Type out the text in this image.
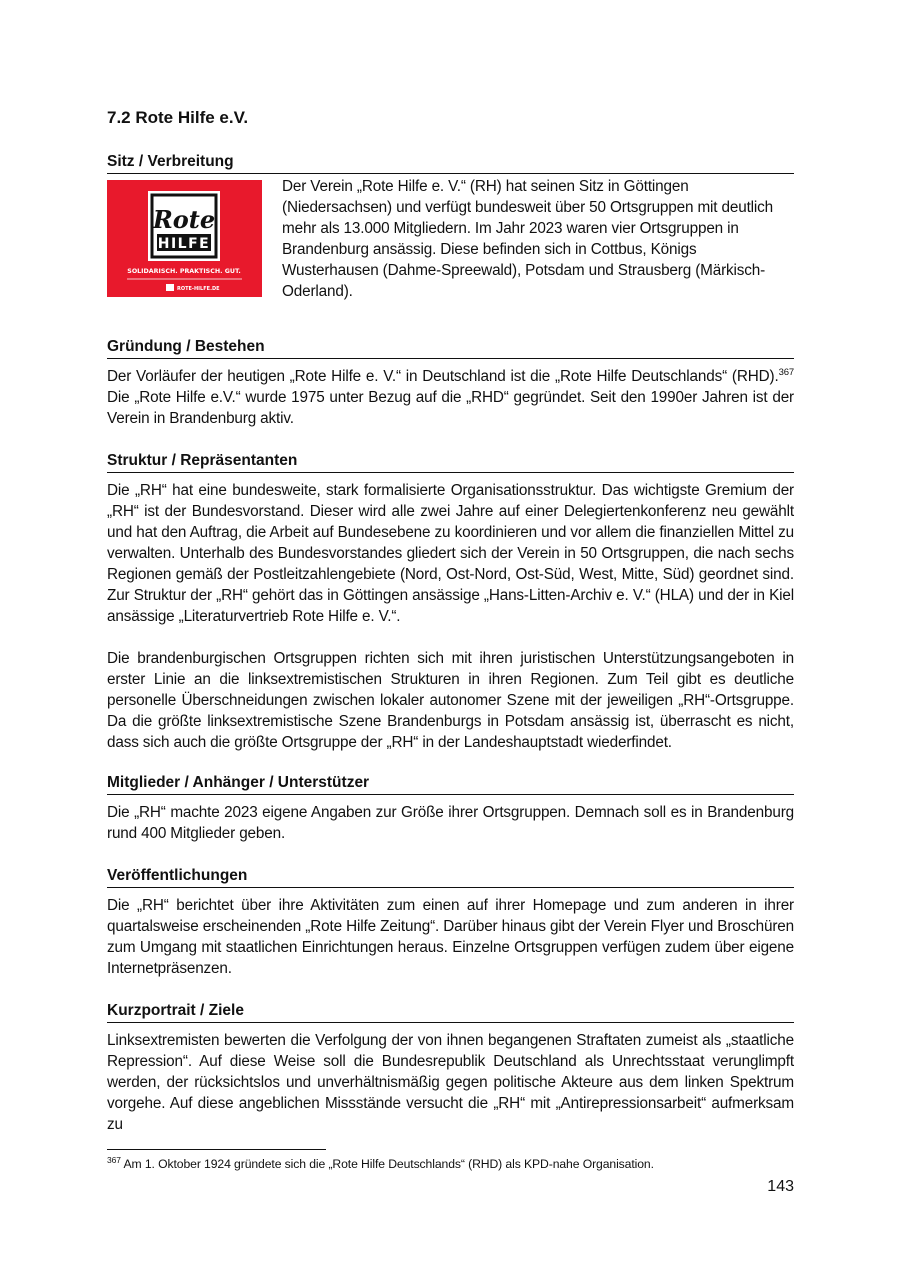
7.2 Rote Hilfe e.V.
Sitz / Verbreitung
Rote
HILFE
SOLIDARISCH. PRAKTISCH. GUT.
ROTE-HILFE.DE

Der Verein „Rote Hilfe e. V.“ (RH) hat seinen Sitz in Göttingen (Niedersachsen) und verfügt bundesweit über 50 Ortsgruppen mit deutlich mehr als 13.000 Mitgliedern. Im Jahr 2023 waren vier Ortsgruppen in Brandenburg ansässig. Diese befinden sich in Cottbus, Königs Wusterhausen (Dahme-Spreewald), Potsdam und Strausberg (Märkisch-Oderland).

Gründung / Bestehen

Der Vorläufer der heutigen „Rote Hilfe e. V.“ in Deutschland ist die „Rote Hilfe Deutschlands“ (RHD).$^{367}$ Die „Rote Hilfe e.V.“ wurde 1975 unter Bezug auf die „RHD“ gegründet. Seit den 1990er Jahren ist der Verein in Brandenburg aktiv.

Struktur / Repräsentanten

Die „RH“ hat eine bundesweite, stark formalisierte Organisationsstruktur. Das wichtigste Gremium der „RH“ ist der Bundesvorstand. Dieser wird alle zwei Jahre auf einer Delegiertenkonferenz neu gewählt und hat den Auftrag, die Arbeit auf Bundesebene zu koordinieren und vor allem die finanziellen Mittel zu verwalten. Unterhalb des Bundesvorstandes gliedert sich der Verein in 50 Ortsgruppen, die nach sechs Regionen gemäß der Postleitzahlengebiete (Nord, Ost-Nord, Ost-Süd, West, Mitte, Süd) geordnet sind. Zur Struktur der „RH“ gehört das in Göttingen ansässige „Hans-Litten-Archiv e. V.“ (HLA) und der in Kiel ansässige „Literaturvertrieb Rote Hilfe e. V.“.

Die brandenburgischen Ortsgruppen richten sich mit ihren juristischen Unterstützungsangeboten in erster Linie an die linksextremistischen Strukturen in ihren Regionen. Zum Teil gibt es deutliche personelle Überschneidungen zwischen lokaler autonomer Szene mit der jeweiligen „RH“-Ortsgruppe. Da die größte linksextremistische Szene Brandenburgs in Potsdam ansässig ist, überrascht es nicht, dass sich auch die größte Ortsgruppe der „RH“ in der Landeshauptstadt wiederfindet.

Mitglieder / Anhänger / Unterstützer

Die „RH“ machte 2023 eigene Angaben zur Größe ihrer Ortsgruppen. Demnach soll es in Brandenburg rund 400 Mitglieder geben.

Veröffentlichungen

Die „RH“ berichtet über ihre Aktivitäten zum einen auf ihrer Homepage und zum anderen in ihrer quartalsweise erscheinenden „Rote Hilfe Zeitung“. Darüber hinaus gibt der Verein Flyer und Broschüren zum Umgang mit staatlichen Einrichtungen heraus. Einzelne Ortsgruppen verfügen zudem über eigene Internetpräsenzen.

Kurzportrait / Ziele

Linksextremisten bewerten die Verfolgung der von ihnen begangenen Straftaten zumeist als „staatliche Repression“. Auf diese Weise soll die Bundesrepublik Deutschland als Unrechtsstaat verunglimpft werden, der rücksichtslos und unverhältnismäßig gegen politische Akteure aus dem linken Spektrum vorgehe. Auf diese angeblichen Missstände versucht die „RH“ mit „Antirepressionsarbeit“ aufmerksam zu

$^{367}$ Am 1. Oktober 1924 gründete sich die „Rote Hilfe Deutschlands“ (RHD) als KPD-nahe Organisation.
143
